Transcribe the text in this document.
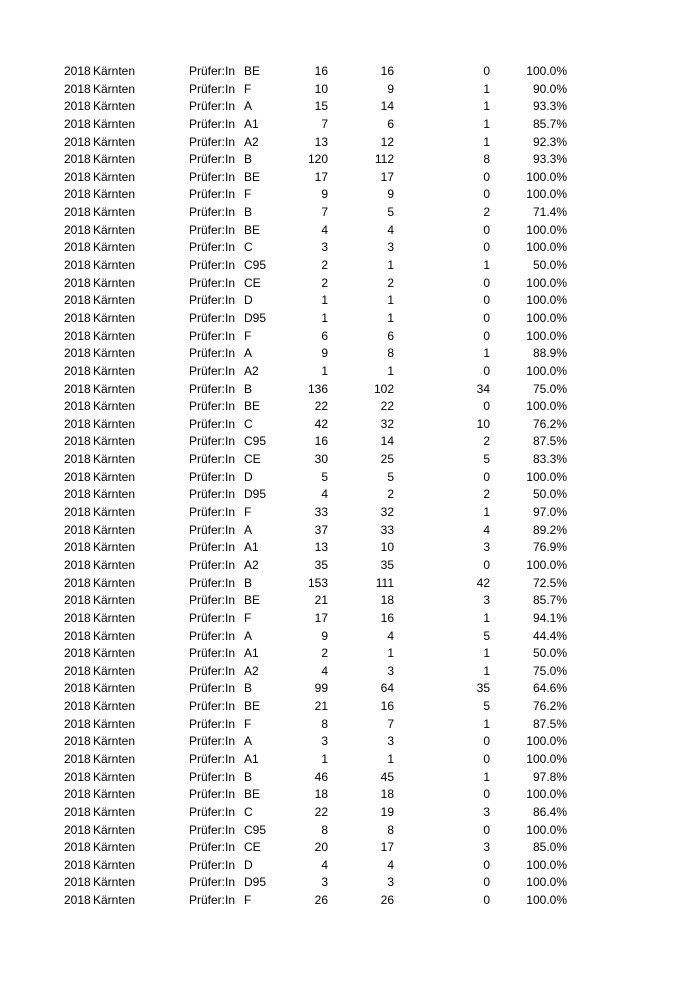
2018 Kärnten	Prüfer:In BE	16	16	0	100.0%
2018 Kärnten	Prüfer:In F	10	9	1	90.0%
2018 Kärnten	Prüfer:In A	15	14	1	93.3%
2018 Kärnten	Prüfer:In A1	7	6	1	85.7%
2018 Kärnten	Prüfer:In A2	13	12	1	92.3%
2018 Kärnten	Prüfer:In B	120	112	8	93.3%
2018 Kärnten	Prüfer:In BE	17	17	0	100.0%
2018 Kärnten	Prüfer:In F	9	9	0	100.0%
2018 Kärnten	Prüfer:In B	7	5	2	71.4%
2018 Kärnten	Prüfer:In BE	4	4	0	100.0%
2018 Kärnten	Prüfer:In C	3	3	0	100.0%
2018 Kärnten	Prüfer:In C95	2	1	1	50.0%
2018 Kärnten	Prüfer:In CE	2	2	0	100.0%
2018 Kärnten	Prüfer:In D	1	1	0	100.0%
2018 Kärnten	Prüfer:In D95	1	1	0	100.0%
2018 Kärnten	Prüfer:In F	6	6	0	100.0%
2018 Kärnten	Prüfer:In A	9	8	1	88.9%
2018 Kärnten	Prüfer:In A2	1	1	0	100.0%
2018 Kärnten	Prüfer:In B	136	102	34	75.0%
2018 Kärnten	Prüfer:In BE	22	22	0	100.0%
2018 Kärnten	Prüfer:In C	42	32	10	76.2%
2018 Kärnten	Prüfer:In C95	16	14	2	87.5%
2018 Kärnten	Prüfer:In CE	30	25	5	83.3%
2018 Kärnten	Prüfer:In D	5	5	0	100.0%
2018 Kärnten	Prüfer:In D95	4	2	2	50.0%
2018 Kärnten	Prüfer:In F	33	32	1	97.0%
2018 Kärnten	Prüfer:In A	37	33	4	89.2%
2018 Kärnten	Prüfer:In A1	13	10	3	76.9%
2018 Kärnten	Prüfer:In A2	35	35	0	100.0%
2018 Kärnten	Prüfer:In B	153	111	42	72.5%
2018 Kärnten	Prüfer:In BE	21	18	3	85.7%
2018 Kärnten	Prüfer:In F	17	16	1	94.1%
2018 Kärnten	Prüfer:In A	9	4	5	44.4%
2018 Kärnten	Prüfer:In A1	2	1	1	50.0%
2018 Kärnten	Prüfer:In A2	4	3	1	75.0%
2018 Kärnten	Prüfer:In B	99	64	35	64.6%
2018 Kärnten	Prüfer:In BE	21	16	5	76.2%
2018 Kärnten	Prüfer:In F	8	7	1	87.5%
2018 Kärnten	Prüfer:In A	3	3	0	100.0%
2018 Kärnten	Prüfer:In A1	1	1	0	100.0%
2018 Kärnten	Prüfer:In B	46	45	1	97.8%
2018 Kärnten	Prüfer:In BE	18	18	0	100.0%
2018 Kärnten	Prüfer:In C	22	19	3	86.4%
2018 Kärnten	Prüfer:In C95	8	8	0	100.0%
2018 Kärnten	Prüfer:In CE	20	17	3	85.0%
2018 Kärnten	Prüfer:In D	4	4	0	100.0%
2018 Kärnten	Prüfer:In D95	3	3	0	100.0%
2018 Kärnten	Prüfer:In F	26	26	0	100.0%
